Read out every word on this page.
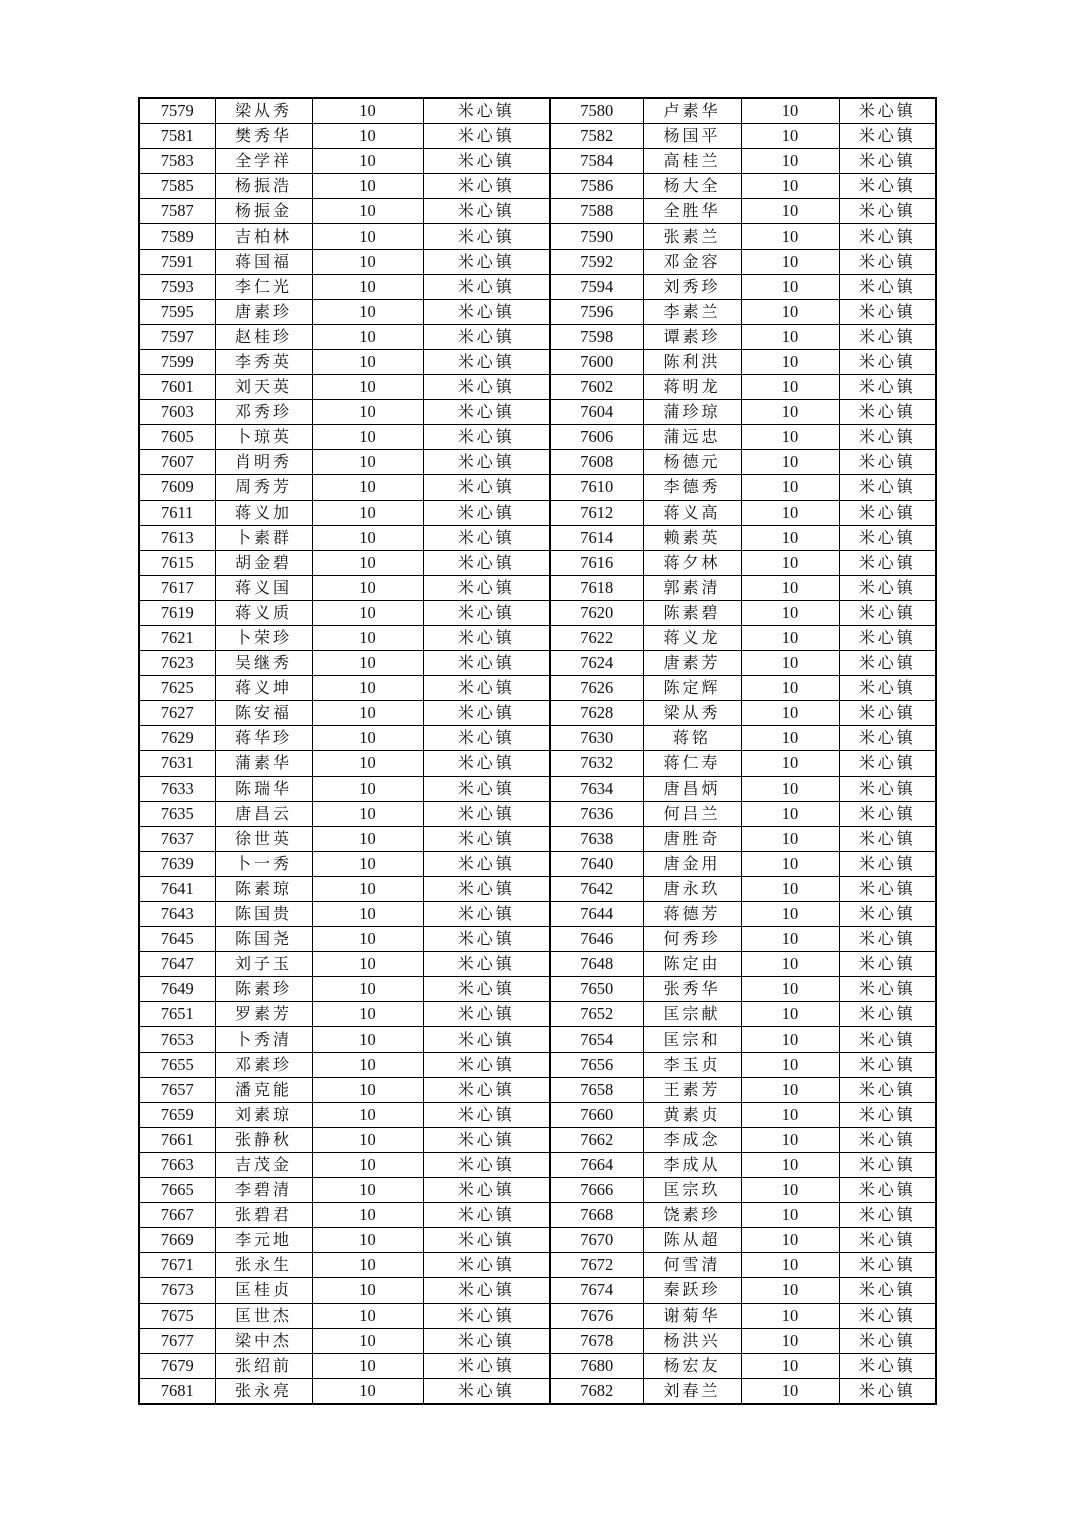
7579	梁从秀	10	米心镇	7580	卢素华	10	米心镇
7581	樊秀华	10	米心镇	7582	杨国平	10	米心镇
7583	全学祥	10	米心镇	7584	高桂兰	10	米心镇
7585	杨振浩	10	米心镇	7586	杨大全	10	米心镇
7587	杨振金	10	米心镇	7588	全胜华	10	米心镇
7589	吉柏林	10	米心镇	7590	张素兰	10	米心镇
7591	蒋国福	10	米心镇	7592	邓金容	10	米心镇
7593	李仁光	10	米心镇	7594	刘秀珍	10	米心镇
7595	唐素珍	10	米心镇	7596	李素兰	10	米心镇
7597	赵桂珍	10	米心镇	7598	谭素珍	10	米心镇
7599	李秀英	10	米心镇	7600	陈利洪	10	米心镇
7601	刘天英	10	米心镇	7602	蒋明龙	10	米心镇
7603	邓秀珍	10	米心镇	7604	蒲珍琼	10	米心镇
7605	卜琼英	10	米心镇	7606	蒲远忠	10	米心镇
7607	肖明秀	10	米心镇	7608	杨德元	10	米心镇
7609	周秀芳	10	米心镇	7610	李德秀	10	米心镇
7611	蒋义加	10	米心镇	7612	蒋义高	10	米心镇
7613	卜素群	10	米心镇	7614	赖素英	10	米心镇
7615	胡金碧	10	米心镇	7616	蒋夕林	10	米心镇
7617	蒋义国	10	米心镇	7618	郭素清	10	米心镇
7619	蒋义质	10	米心镇	7620	陈素碧	10	米心镇
7621	卜荣珍	10	米心镇	7622	蒋义龙	10	米心镇
7623	吴继秀	10	米心镇	7624	唐素芳	10	米心镇
7625	蒋义坤	10	米心镇	7626	陈定辉	10	米心镇
7627	陈安福	10	米心镇	7628	梁从秀	10	米心镇
7629	蒋华珍	10	米心镇	7630	蒋铭	10	米心镇
7631	蒲素华	10	米心镇	7632	蒋仁寿	10	米心镇
7633	陈瑞华	10	米心镇	7634	唐昌炳	10	米心镇
7635	唐昌云	10	米心镇	7636	何吕兰	10	米心镇
7637	徐世英	10	米心镇	7638	唐胜奇	10	米心镇
7639	卜一秀	10	米心镇	7640	唐金用	10	米心镇
7641	陈素琼	10	米心镇	7642	唐永玖	10	米心镇
7643	陈国贵	10	米心镇	7644	蒋德芳	10	米心镇
7645	陈国尧	10	米心镇	7646	何秀珍	10	米心镇
7647	刘子玉	10	米心镇	7648	陈定由	10	米心镇
7649	陈素珍	10	米心镇	7650	张秀华	10	米心镇
7651	罗素芳	10	米心镇	7652	匡宗献	10	米心镇
7653	卜秀清	10	米心镇	7654	匡宗和	10	米心镇
7655	邓素珍	10	米心镇	7656	李玉贞	10	米心镇
7657	潘克能	10	米心镇	7658	王素芳	10	米心镇
7659	刘素琼	10	米心镇	7660	黄素贞	10	米心镇
7661	张静秋	10	米心镇	7662	李成念	10	米心镇
7663	吉茂金	10	米心镇	7664	李成从	10	米心镇
7665	李碧清	10	米心镇	7666	匡宗玖	10	米心镇
7667	张碧君	10	米心镇	7668	饶素珍	10	米心镇
7669	李元地	10	米心镇	7670	陈从超	10	米心镇
7671	张永生	10	米心镇	7672	何雪清	10	米心镇
7673	匡桂贞	10	米心镇	7674	秦跃珍	10	米心镇
7675	匡世杰	10	米心镇	7676	谢菊华	10	米心镇
7677	梁中杰	10	米心镇	7678	杨洪兴	10	米心镇
7679	张绍前	10	米心镇	7680	杨宏友	10	米心镇
7681	张永亮	10	米心镇	7682	刘春兰	10	米心镇
